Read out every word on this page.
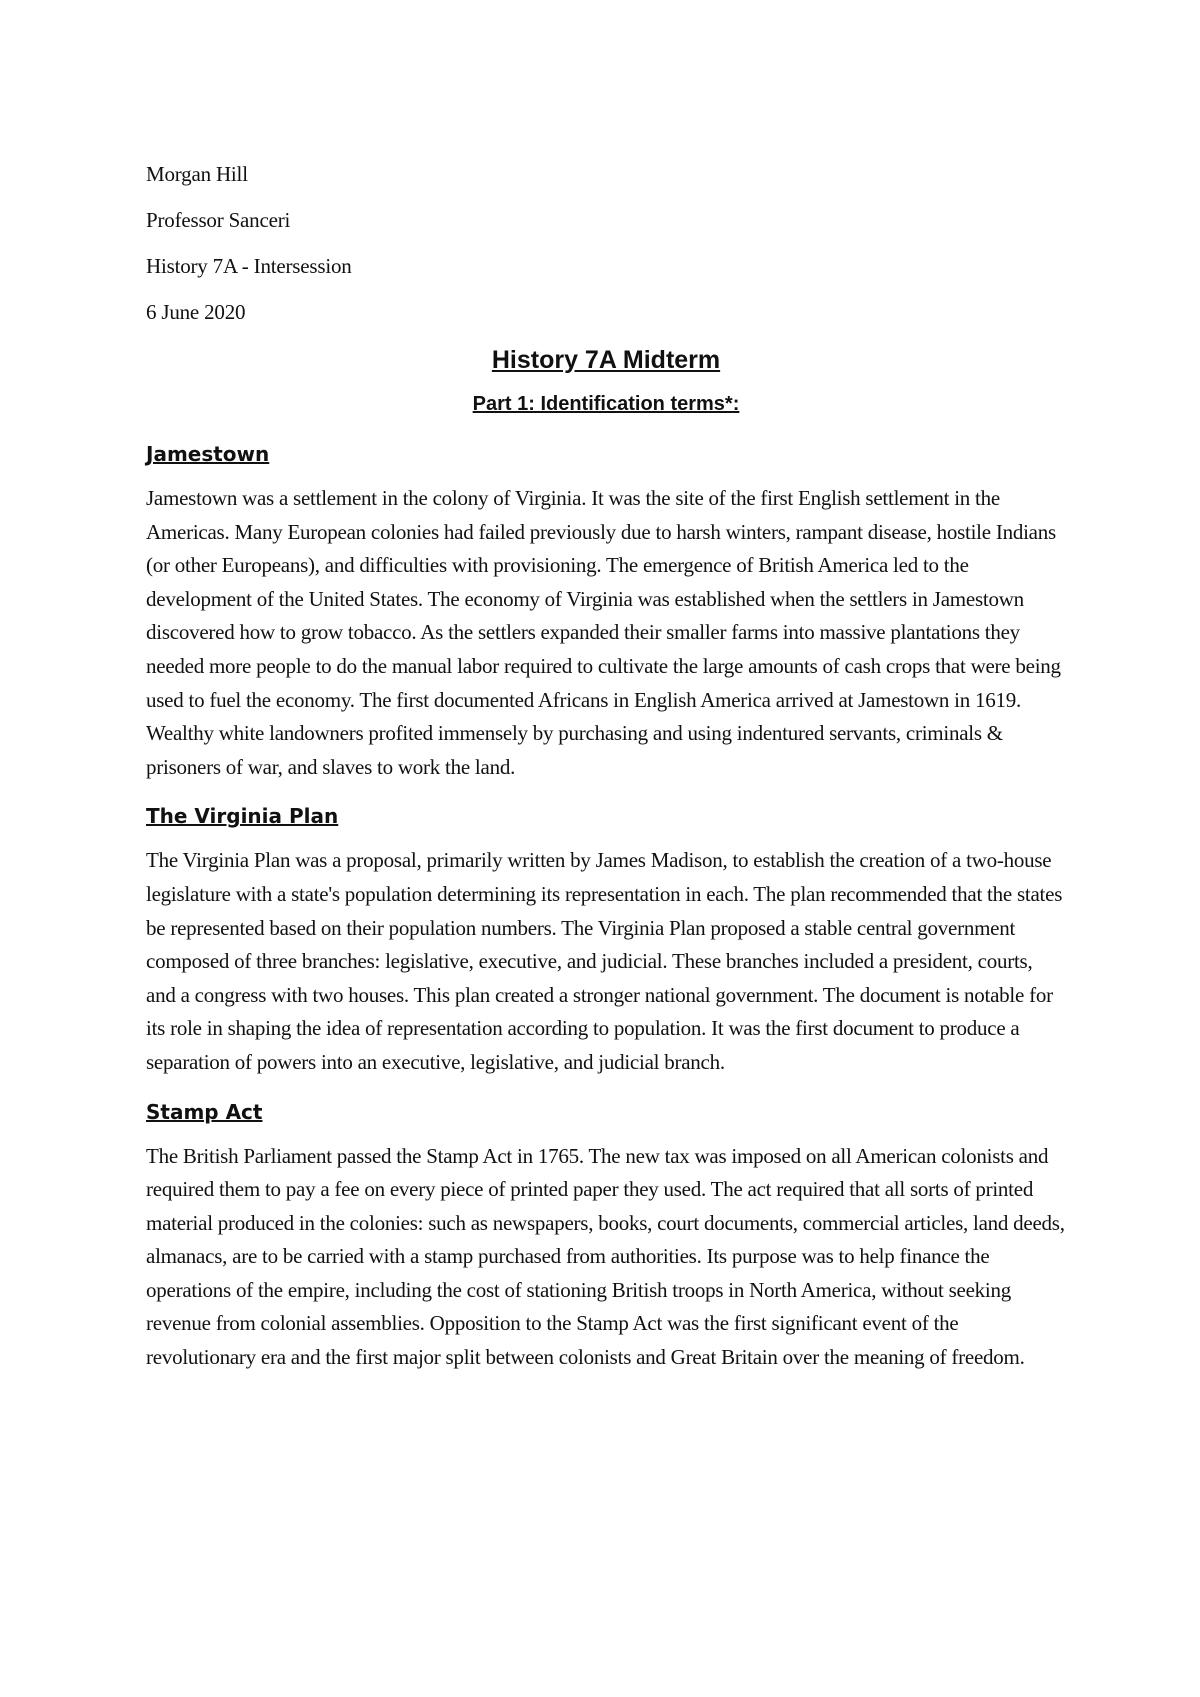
Morgan Hill

Professor Sanceri

History 7A - Intersession

6 June 2020

History 7A Midterm
Part 1: Identification terms*:
Jamestown

Jamestown was a settlement in the colony of Virginia. It was the site of the first English settlement in the Americas. Many European colonies had failed previously due to harsh winters, rampant disease, hostile Indians (or other Europeans), and difficulties with provisioning. The emergence of British America led to the development of the United States. The economy of Virginia was established when the settlers in Jamestown discovered how to grow tobacco. As the settlers expanded their smaller farms into massive plantations they needed more people to do the manual labor required to cultivate the large amounts of cash crops that were being used to fuel the economy. The first documented Africans in English America arrived at Jamestown in 1619. Wealthy white landowners profited immensely by purchasing and using indentured servants, criminals & prisoners of war, and slaves to work the land.

The Virginia Plan

The Virginia Plan was a proposal, primarily written by James Madison, to establish the creation of a two-house legislature with a state's population determining its representation in each. The plan recommended that the states be represented based on their population numbers. The Virginia Plan proposed a stable central government composed of three branches: legislative, executive, and judicial. These branches included a president, courts, and a congress with two houses. This plan created a stronger national government. The document is notable for its role in shaping the idea of representation according to population. It was the first document to produce a separation of powers into an executive, legislative, and judicial branch.

Stamp Act

The British Parliament passed the Stamp Act in 1765. The new tax was imposed on all American colonists and required them to pay a fee on every piece of printed paper they used. The act required that all sorts of printed material produced in the colonies: such as newspapers, books, court documents, commercial articles, land deeds, almanacs, are to be carried with a stamp purchased from authorities. Its purpose was to help finance the operations of the empire, including the cost of stationing British troops in North America, without seeking revenue from colonial assemblies. Opposition to the Stamp Act was the first significant event of the revolutionary era and the first major split between colonists and Great Britain over the meaning of freedom.
